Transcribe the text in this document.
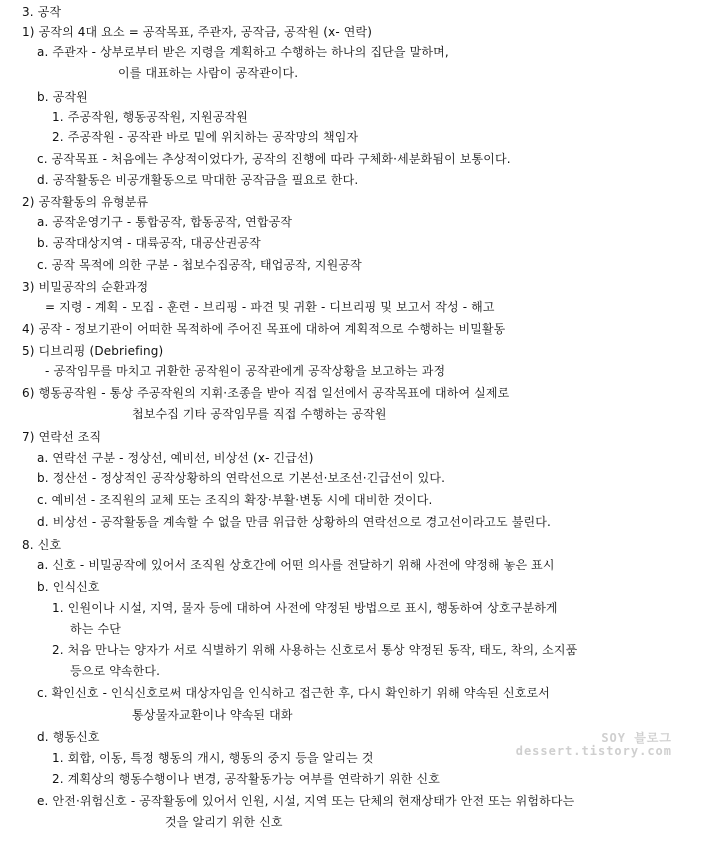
3. 공작
1) 공작의 4대 요소 = 공작목표, 주관자, 공작금, 공작원 (x- 연락)
a. 주관자 - 상부로부터 받은 지령을 계획하고 수행하는 하나의 집단을 말하며,
이를 대표하는 사람이 공작관이다.
b. 공작원
1. 주공작원, 행동공작원, 지원공작원
2. 주공작원 - 공작관 바로 밑에 위치하는 공작망의 책임자
c. 공작목표 - 처음에는 추상적이었다가, 공작의 진행에 따라 구체화·세분화됨이 보통이다.
d. 공작활동은 비공개활동으로 막대한 공작금을 필요로 한다.
2) 공작활동의 유형분류
a. 공작운영기구 - 통합공작, 합동공작, 연합공작
b. 공작대상지역 - 대륙공작, 대공산권공작
c. 공작 목적에 의한 구분 - 첩보수집공작, 태업공작, 지원공작
3) 비밀공작의 순환과정
= 지령 - 계획 - 모집 - 훈련 - 브리핑 - 파견 및 귀환 - 디브리핑 및 보고서 작성 - 해고
4) 공작 - 정보기관이 어떠한 목적하에 주어진 목표에 대하여 계획적으로 수행하는 비밀활동
5) 디브리핑 (Debriefing)
- 공작임무를 마치고 귀환한 공작원이 공작관에게 공작상황을 보고하는 과정
6) 행동공작원 - 통상 주공작원의 지휘·조종을 받아 직접 일선에서 공작목표에 대하여 실제로
첩보수집 기타 공작임무를 직접 수행하는 공작원
7) 연락선 조직
a. 연락선 구분 - 정상선, 예비선, 비상선 (x- 긴급선)
b. 정산선 - 정상적인 공작상황하의 연락선으로 기본선·보조선·긴급선이 있다.
c. 예비선 - 조직원의 교체 또는 조직의 확장·부활·변동 시에 대비한 것이다.
d. 비상선 - 공작활동을 계속할 수 없을 만큼 위급한 상황하의 연락선으로 경고선이라고도 불린다.
8. 신호
a. 신호 - 비밀공작에 있어서 조직원 상호간에 어떤 의사를 전달하기 위해 사전에 약정해 놓은 표시
b. 인식신호
1. 인원이나 시설, 지역, 물자 등에 대하여 사전에 약정된 방법으로 표시, 행동하여 상호구분하게
하는 수단
2. 처음 만나는 양자가 서로 식별하기 위해 사용하는 신호로서 통상 약정된 동작, 태도, 착의, 소지품
등으로 약속한다.
c. 확인신호 - 인식신호로써 대상자임을 인식하고 접근한 후, 다시 확인하기 위해 약속된 신호로서
통상물자교환이나 약속된 대화
d. 행동신호
1. 회합, 이동, 특정 행동의 개시, 행동의 중지 등을 알리는 것
2. 계획상의 행동수행이나 변경, 공작활동가능 여부를 연락하기 위한 신호
e. 안전·위험신호 - 공작활동에 있어서 인원, 시설, 지역 또는 단체의 현재상태가 안전 또는 위험하다는
것을 알리기 위한 신호
SOY 블로그
dessert.tistory.com
